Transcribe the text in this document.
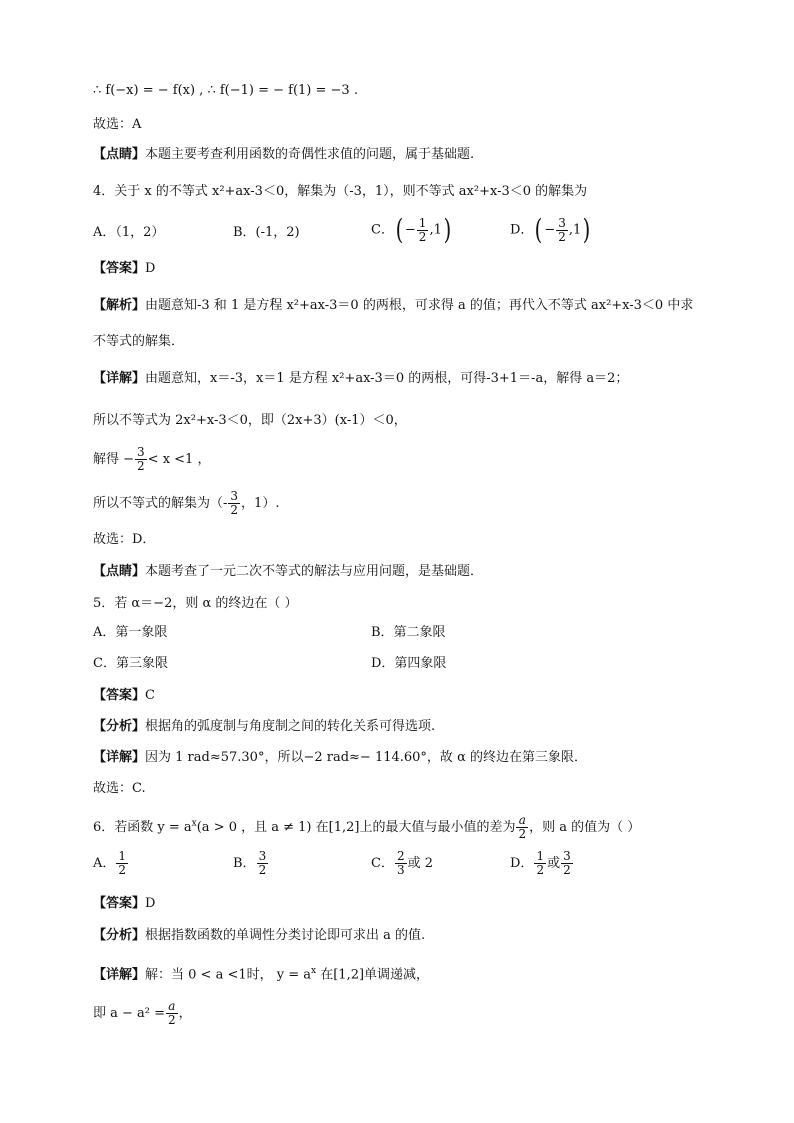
∴ f(−x) = − f(x) , ∴ f(−1) = − f(1) = −3 .
故选：A
【点睛】本题主要考查利用函数的奇偶性求值的问题，属于基础题.
4．关于 x 的不等式 x²+ax-3＜0，解集为（-3，1），则不等式 ax²+x-3＜0 的解集为
A．（1，2）	B．(-1，2)	C．( − $\frac{1}{2} ,1$)	D．( − $\frac{3}{2} ,1$)
【答案】D
【解析】由题意知-3 和 1 是方程 x²+ax-3＝0 的两根，可求得 a 的值；再代入不等式 ax²+x-3＜0 中求
不等式的解集．
【详解】由题意知，x＝-3，x＝1 是方程 x²+ax-3＝0 的两根，可得-3+1＝-a，解得 a＝2；
所以不等式为 2x²+x-3＜0，即（2x+3）(x-1）＜0，
解得 − $\frac{3}{2} < x <1$ ，
所以不等式的解集为（- $\frac{3}{2}$ ，1）.
故选：D．
【点睛】本题考查了一元二次不等式的解法与应用问题，是基础题．
5．若 α＝−2，则 α 的终边在（ ）
A．第一象限	B．第二象限
C．第三象限	D．第四象限
【答案】C
【分析】根据角的弧度制与角度制之间的转化关系可得选项.
【详解】因为 1 rad≈57.30°，所以−2 rad≈− 114.60°，故 α 的终边在第三象限．
故选：C.
6．若函数 $y = a^x(a > 0$ ，且 a ≠ 1) 在[1,2]上的最大值与最小值的差为 $\frac{a}{2}$ ，则 a 的值为（ ）
A． $\frac{1}{2}$	B． $\frac{3}{2}$	C． $\frac{2}{3}$ 或 2	D． $\frac{1}{2}$ 或 $\frac{3}{2}$
【答案】D
【分析】根据指数函数的单调性分类讨论即可求出 a 的值.
【详解】解：当 0 < a <1时， $y = a^x$ 在[1,2]单调递减，
即 $a - a^2 = \frac{a}{2}$ ，
